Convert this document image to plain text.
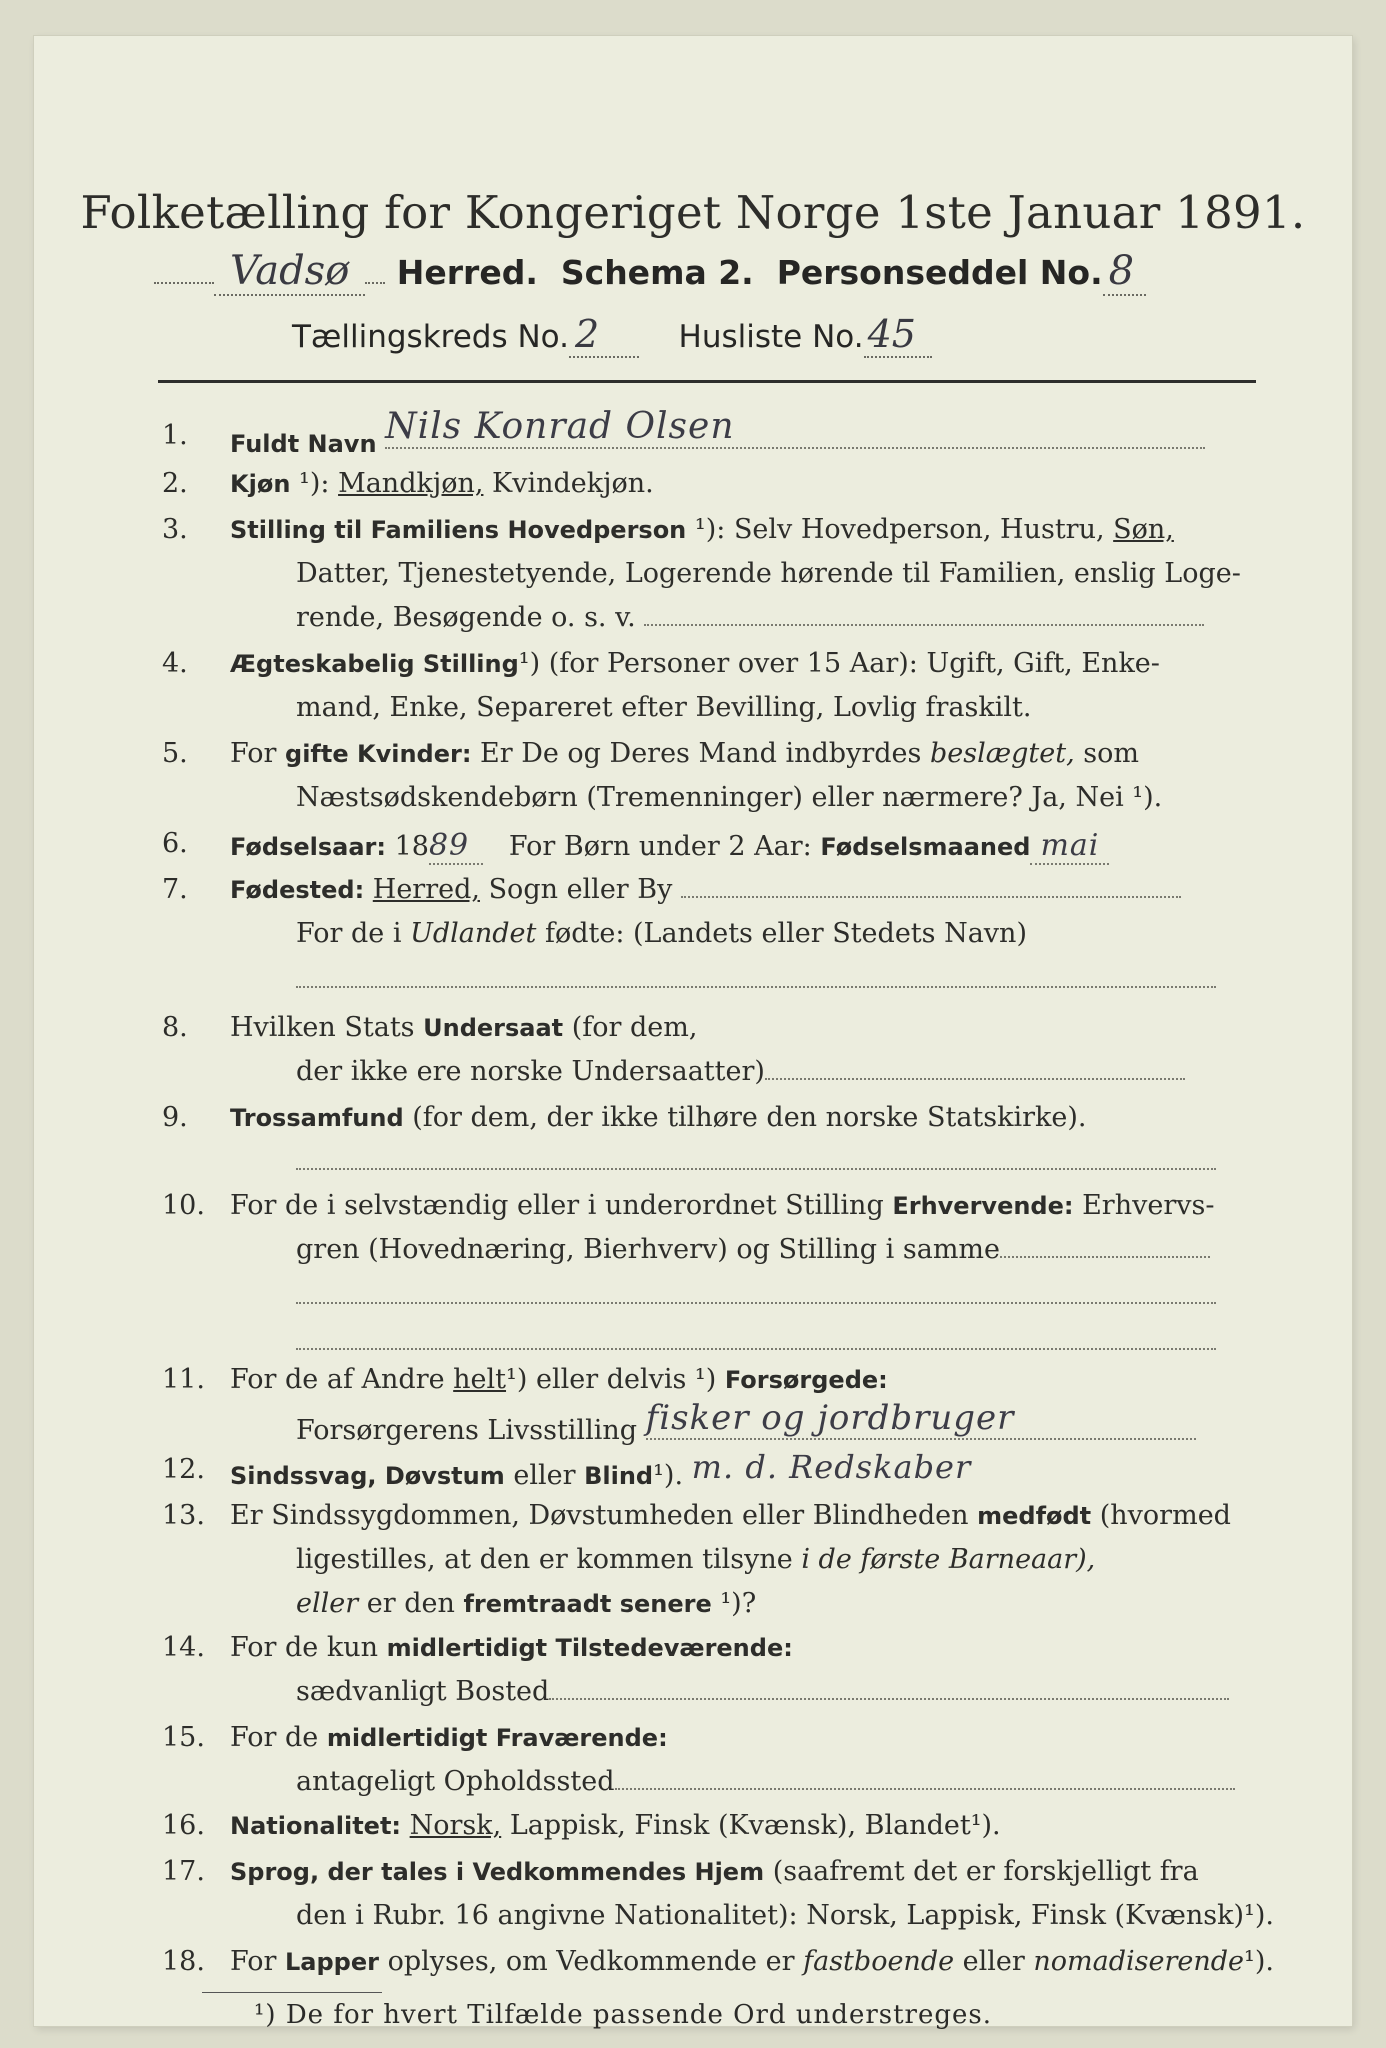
Folketælling for Kongeriget Norge 1ste Januar 1891.
Vadsø Herred. Schema 2. Personseddel No. 8
Tællingskreds No. 2	Husliste No. 45
1.	Fuldt Navn Nils Konrad Olsen
2.	Kjøn ¹): Mandkjøn, Kvindekjøn.
3.	Stilling til Familiens Hovedperson ¹): Selv Hovedperson, Hustru, Søn,
Datter, Tjenestetyende, Logerende hørende til Familien, enslig Loge-
rende, Besøgende o. s. v.
4.	Ægteskabelig Stilling¹) (for Personer over 15 Aar): Ugift, Gift, Enke-
mand, Enke, Separeret efter Bevilling, Lovlig fraskilt.
5.	For gifte Kvinder: Er De og Deres Mand indbyrdes beslægtet, som
Næstsødskendebørn (Tremenninger) eller nærmere? Ja, Nei ¹).
6.	Fødselsaar: 1889 For Børn under 2 Aar: Fødselsmaaned mai
7.	Fødested: Herred, Sogn eller By
For de i Udlandet fødte: (Landets eller Stedets Navn)
8.	Hvilken Stats Undersaat (for dem,
der ikke ere norske Undersaatter)
9.	Trossamfund (for dem, der ikke tilhøre den norske Statskirke).
10. For de i selvstændig eller i underordnet Stilling Erhvervende: Erhvervs-
gren (Hovednæring, Bierhverv) og Stilling i samme
11. For de af Andre helt¹) eller delvis ¹) Forsørgede:
Forsørgerens Livsstilling fisker og jordbruger
12.	Sindssvag, Døvstum eller Blind¹). m. d. Redskaber
13. Er Sindssygdommen, Døvstumheden eller Blindheden medfødt (hvormed
ligestilles, at den er kommen tilsyne i de første Barneaar),
eller er den fremtraadt senere ¹)?
14. For de kun midlertidigt Tilstedeværende:
sædvanligt Bosted
15. For de midlertidigt Fraværende:
antageligt Opholdssted
16.	Nationalitet: Norsk, Lappisk, Finsk (Kvænsk), Blandet¹).
17.	Sprog, der tales i Vedkommendes Hjem (saafremt det er forskjelligt fra
den i Rubr. 16 angivne Nationalitet): Norsk, Lappisk, Finsk (Kvænsk)¹).
18. For Lapper oplyses, om Vedkommende er fastboende eller nomadiserende¹).
¹) De for hvert Tilfælde passende Ord understreges.
